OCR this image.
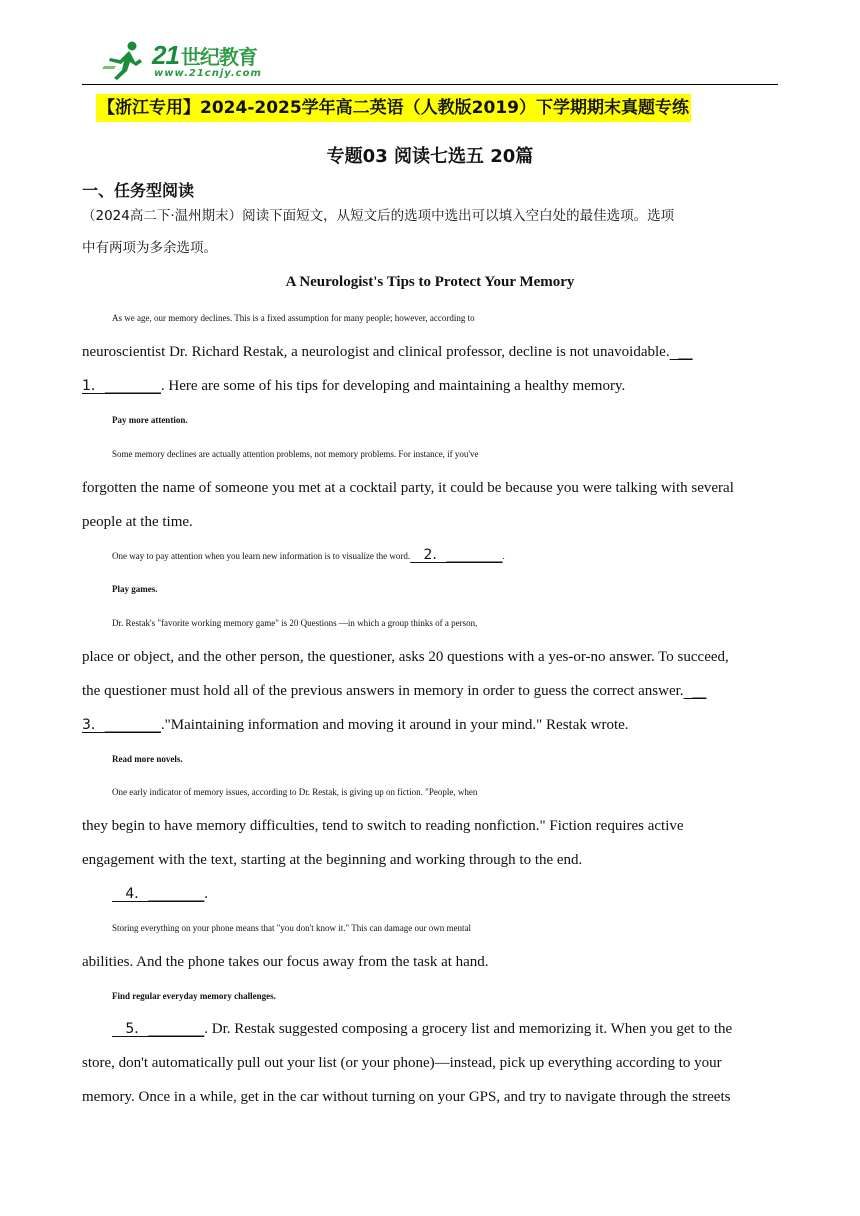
21 世纪教育
www.21cnjy.com
【浙江专用】2024-2025学年高二英语（人教版2019）下学期期末真题专练
专题03 阅读七选五 20篇
一、任务型阅读
（2024高二下·温州期末）阅读下面短文，从短文后的选项中选出可以填入空白处的最佳选项。选项
中有两项为多余选项。
A Neurologist's Tips to Protect Your Memory
As we age, our memory declines. This is a fixed assumption for many people; however, according to
neuroscientist Dr. Richard Restak, a neurologist and clinical professor, decline is not unavoidable.  __
1．________. Here are some of his tips for developing and maintaining a healthy memory.
Pay more attention.
Some memory declines are actually attention problems, not memory problems. For instance, if you've
forgotten the name of someone you met at a cocktail party, it could be because you were talking with several
people at the time.
One way to pay attention when you learn new information is to visualize the word.   2．________.
Play games.
Dr. Restak's "favorite working memory game" is 20 Questions —in which a group thinks of a person,
place or object, and the other person, the questioner, asks 20 questions with a yes-or-no answer. To succeed,
the questioner must hold all of the previous answers in memory in order to guess the correct answer.  __
3．________."Maintaining information and moving it around in your mind." Restak wrote.
Read more novels.
One early indicator of memory issues, according to Dr. Restak, is giving up on fiction. "People, when
they begin to have memory difficulties, tend to switch to reading nonfiction." Fiction requires active
engagement with the text, starting at the beginning and working through to the end.
4．________.
Storing everything on your phone means that "you don't know it." This can damage our own mental
abilities. And the phone takes our focus away from the task at hand.
Find regular everyday memory challenges.
5．________. Dr. Restak suggested composing a grocery list and memorizing it. When you get to the
store, don't automatically pull out your list (or your phone)—instead, pick up everything according to your
memory. Once in a while, get in the car without turning on your GPS, and try to navigate through the streets
